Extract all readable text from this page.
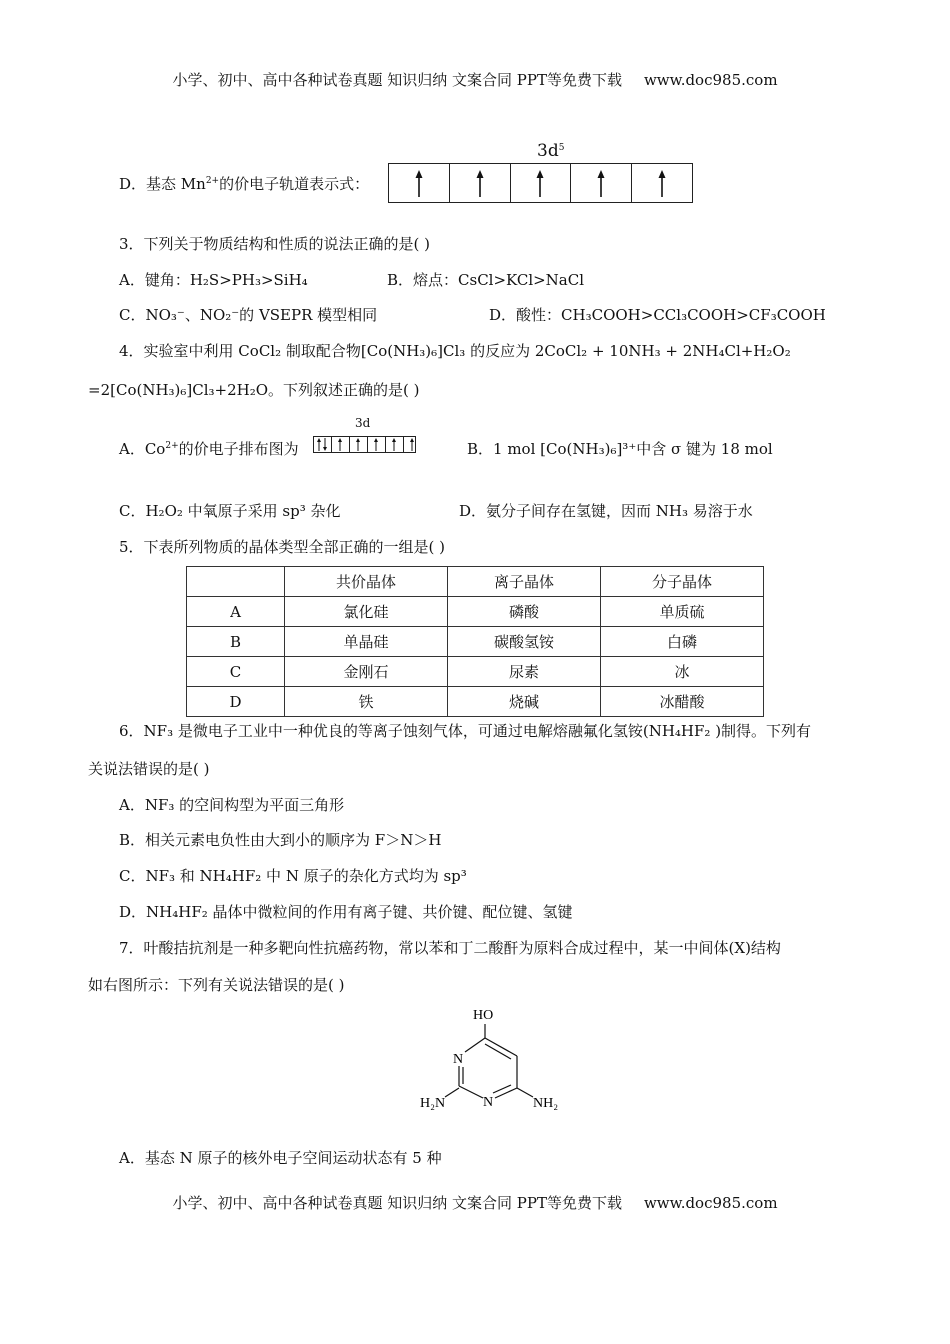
小学、初中、高中各种试卷真题 知识归纳 文案合同 PPT等免费下载 www.doc985.com
$3d^5$
D．基态 $Mn^{2+}$的价电子轨道表示式：
3．下列关于物质结构和性质的说法正确的是( )
A．键角：H₂S>PH₃>SiH₄	B．熔点：CsCl>KCl>NaCl
C．NO₃⁻、NO₂⁻的 VSEPR 模型相同	D．酸性：CH₃COOH>CCl₃COOH>CF₃COOH
4．实验室中利用 CoCl₂ 制取配合物[Co(NH₃)₆]Cl₃ 的反应为 2CoCl₂ + 10NH₃ + 2NH₄Cl+H₂O₂
=2[Co(NH₃)₆]Cl₃+2H₂O。下列叙述正确的是( )
3d
A．$Co^{2+}$的价电子排布图为	B．1 mol [Co(NH₃)₆]³⁺中含 σ 键为 18 mol
C．H₂O₂ 中氧原子采用 sp³ 杂化	D．氨分子间存在氢键，因而 NH₃ 易溶于水
5．下表所列物质的晶体类型全部正确的一组是( )
	共价晶体	离子晶体	分子晶体
A	氯化硅	磷酸	单质硫
B	单晶硅	碳酸氢铵	白磷
C	金刚石	尿素	冰
D	铁	烧碱	冰醋酸
6．NF₃ 是微电子工业中一种优良的等离子蚀刻气体，可通过电解熔融氟化氢铵(NH₄HF₂ )制得。下列有
关说法错误的是( )
A．NF₃ 的空间构型为平面三角形
B．相关元素电负性由大到小的顺序为 F＞N＞H
C．NF₃ 和 NH₄HF₂ 中 N 原子的杂化方式均为 sp³
D．NH₄HF₂ 晶体中微粒间的作用有离子键、共价键、配位键、氢键
7．叶酸拮抗剂是一种多靶向性抗癌药物，常以苯和丁二酸酐为原料合成过程中，某一中间体(X)结构
如右图所示：下列有关说法错误的是( )
HO
N
N
H₂N	NH₂
A．基态 N 原子的核外电子空间运动状态有 5 种
小学、初中、高中各种试卷真题 知识归纳 文案合同 PPT等免费下载 www.doc985.com
